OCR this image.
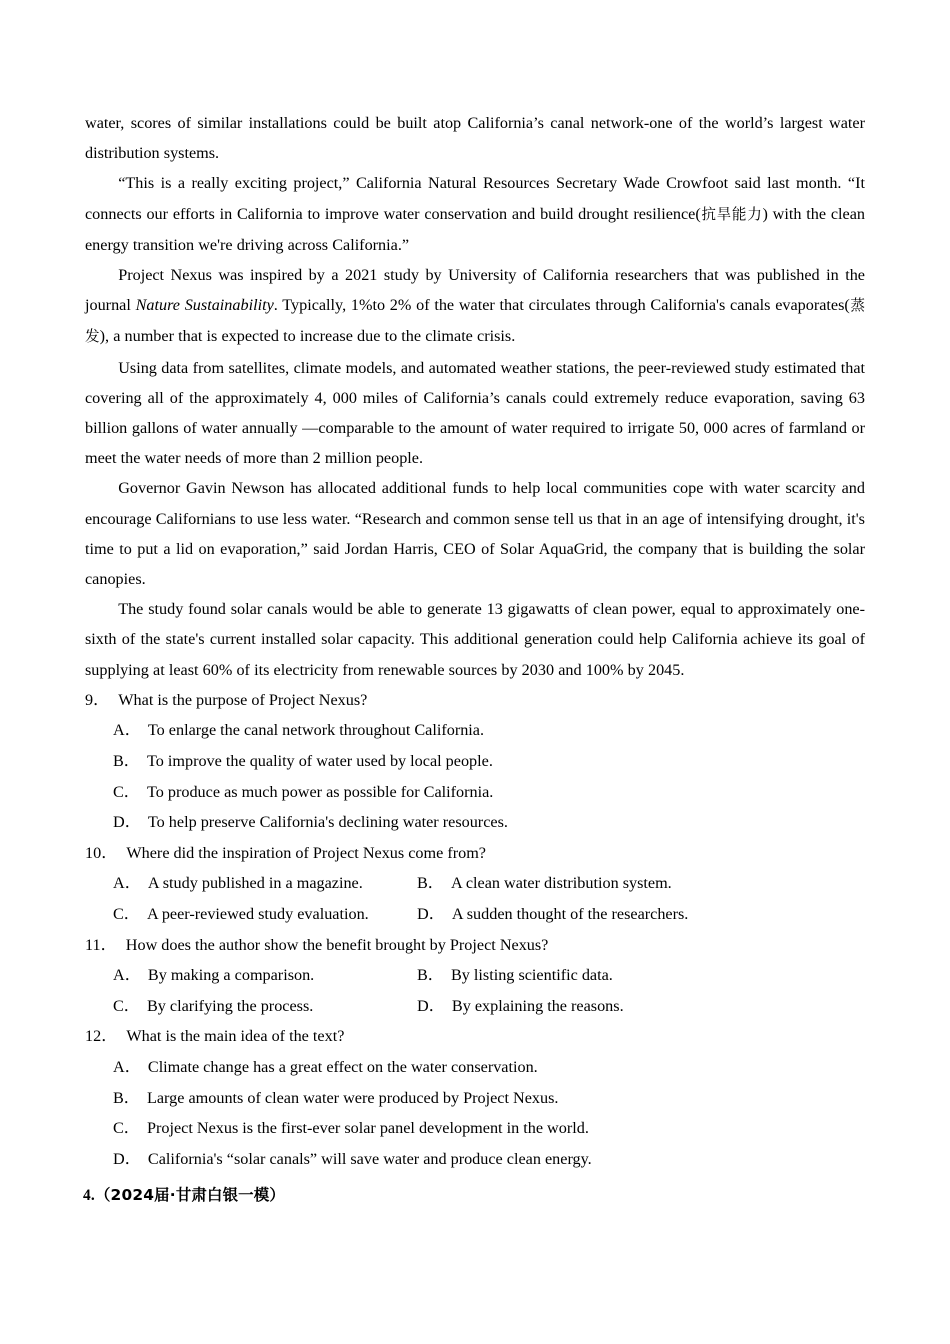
water, scores of similar installations could be built atop California’s canal network-one of the world’s largest water distribution systems.

“This is a really exciting project,” California Natural Resources Secretary Wade Crowfoot said last month. “It connects our efforts in California to improve water conservation and build drought resilience(抗旱能力) with the clean energy transition we're driving across California.”

Project Nexus was inspired by a 2021 study by University of California researchers that was published in the journal Nature Sustainability. Typically, 1%to 2% of the water that circulates through California's canals evaporates(蒸发), a number that is expected to increase due to the climate crisis.

Using data from satellites, climate models, and automated weather stations, the peer-reviewed study estimated that covering all of the approximately 4, 000 miles of California’s canals could extremely reduce evaporation, saving 63 billion gallons of water annually —comparable to the amount of water required to irrigate 50, 000 acres of farmland or meet the water needs of more than 2 million people.

Governor Gavin Newson has allocated additional funds to help local communities cope with water scarcity and encourage Californians to use less water. “Research and common sense tell us that in an age of intensifying drought, it's time to put a lid on evaporation,” said Jordan Harris, CEO of Solar AquaGrid, the company that is building the solar canopies.

The study found solar canals would be able to generate 13 gigawatts of clean power, equal to approximately one-sixth of the state's current installed solar capacity. This additional generation could help California achieve its goal of supplying at least 60% of its electricity from renewable sources by 2030 and 100% by 2045.

9． What is the purpose of Project Nexus?
A． To enlarge the canal network throughout California.
B． To improve the quality of water used by local people.
C． To produce as much power as possible for California.
D． To help preserve California's declining water resources.
10． Where did the inspiration of Project Nexus come from?
A． A study published in a magazine.	B． A clean water distribution system.
C． A peer-reviewed study evaluation.	D． A sudden thought of the researchers.
11． How does the author show the benefit brought by Project Nexus?
A． By making a comparison.	B． By listing scientific data.
C． By clarifying the process.	D． By explaining the reasons.
12． What is the main idea of the text?
A． Climate change has a great effect on the water conservation.
B． Large amounts of clean water were produced by Project Nexus.
C． Project Nexus is the first-ever solar panel development in the world.
D． California's “solar canals” will save water and produce clean energy.
4.（2024届·甘肃白银一模）
